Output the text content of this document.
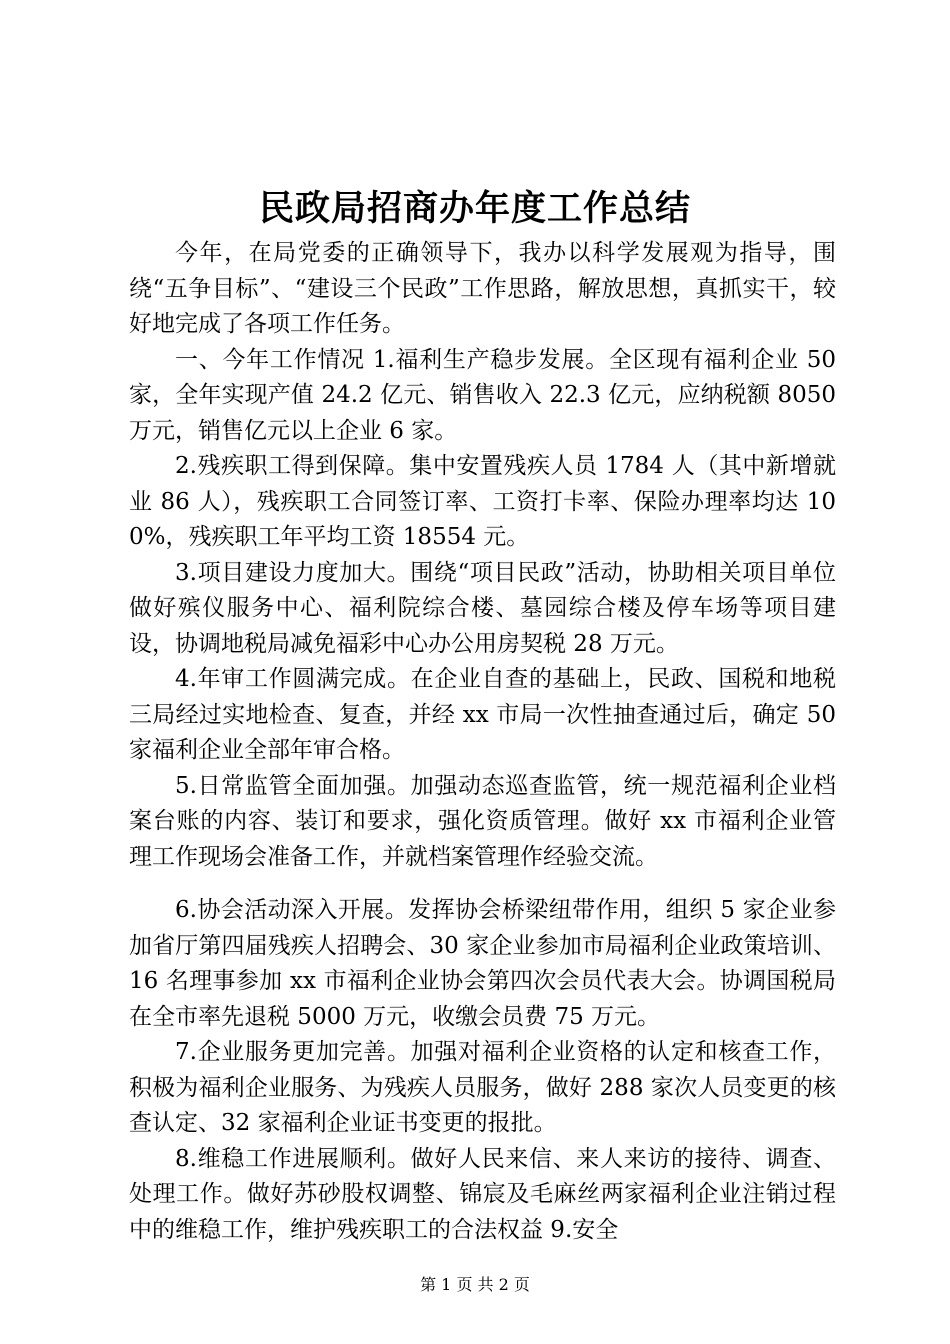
民政局招商办年度工作总结

今年，在局党委的正确领导下，我办以科学发展观为指导，围绕“五争目标”、“建设三个民政”工作思路，解放思想，真抓实干，较好地完成了各项工作任务。

一、今年工作情况 1.福利生产稳步发展。全区现有福利企业 50 家，全年实现产值 24.2 亿元、销售收入 22.3 亿元，应纳税额 8050 万元，销售亿元以上企业 6 家。

2.残疾职工得到保障。集中安置残疾人员 1784 人（其中新增就业 86 人），残疾职工合同签订率、工资打卡率、保险办理率均达 100%，残疾职工年平均工资 18554 元。

3.项目建设力度加大。围绕“项目民政”活动，协助相关项目单位做好殡仪服务中心、福利院综合楼、墓园综合楼及停车场等项目建设，协调地税局减免福彩中心办公用房契税 28 万元。

4.年审工作圆满完成。在企业自查的基础上，民政、国税和地税三局经过实地检查、复查，并经 xx 市局一次性抽查通过后，确定 50 家福利企业全部年审合格。

5.日常监管全面加强。加强动态巡查监管，统一规范福利企业档案台账的内容、装订和要求，强化资质管理。做好 xx 市福利企业管理工作现场会准备工作，并就档案管理作经验交流。

6.协会活动深入开展。发挥协会桥梁纽带作用，组织 5 家企业参加省厅第四届残疾人招聘会、30 家企业参加市局福利企业政策培训、16 名理事参加 xx 市福利企业协会第四次会员代表大会。协调国税局在全市率先退税 5000 万元，收缴会员费 75 万元。

7.企业服务更加完善。加强对福利企业资格的认定和核查工作，积极为福利企业服务、为残疾人员服务，做好 288 家次人员变更的核查认定、32 家福利企业证书变更的报批。

8.维稳工作进展顺利。做好人民来信、来人来访的接待、调查、处理工作。做好苏砂股权调整、锦宸及毛麻丝两家福利企业注销过程中的维稳工作，维护残疾职工的合法权益 9.安全

第 1 页 共 2 页
